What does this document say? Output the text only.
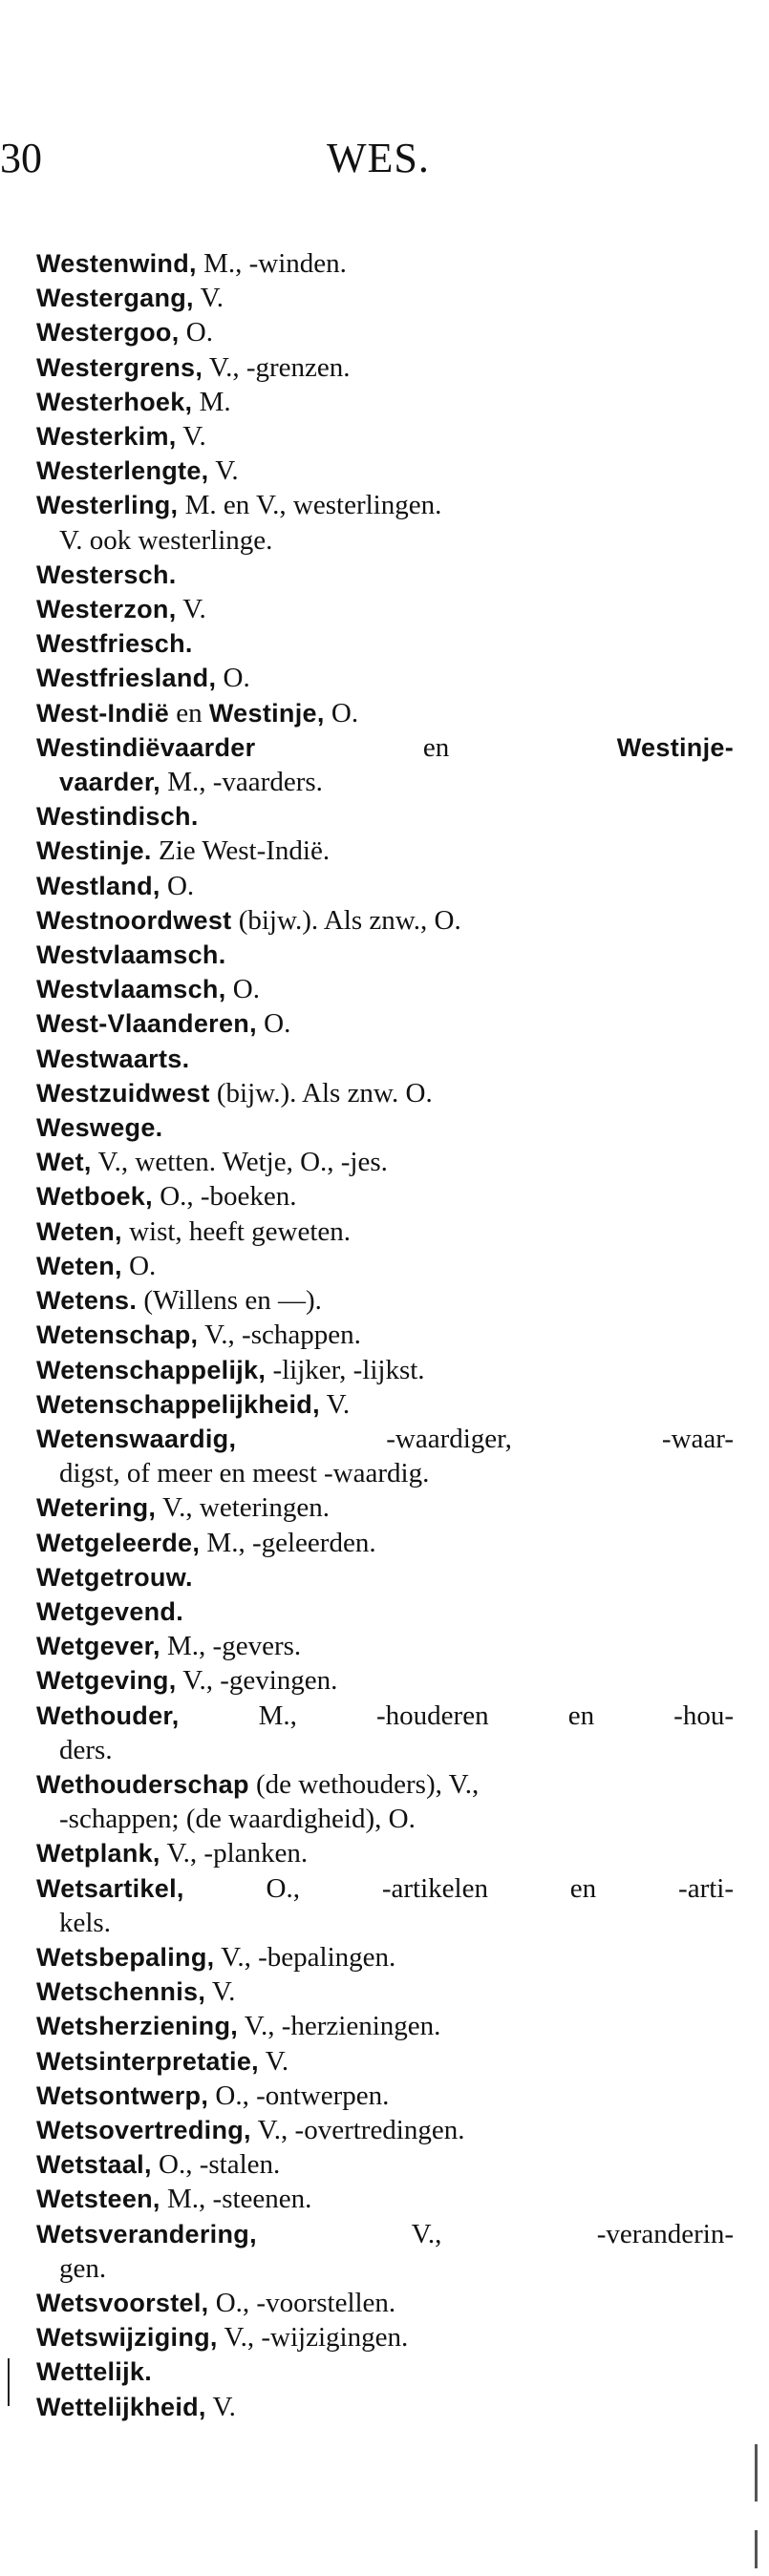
30	WES.
Westenwind, M., -winden.
Westergang, V.
Westergoo, O.
Westergrens, V., -grenzen.
Westerhoek, M.
Westerkim, V.
Westerlengte, V.
Westerling, M. en V., westerlingen.
V. ook westerlinge.
Westersch.
Westerzon, V.
Westfriesch.
Westfriesland, O.
West-Indië en Westinje, O.
Westindiëvaarder en Westinje-
vaarder, M., -vaarders.
Westindisch.
Westinje. Zie West-Indië.
Westland, O.
Westnoordwest (bijw.). Als znw., O.
Westvlaamsch.
Westvlaamsch, O.
West-Vlaanderen, O.
Westwaarts.
Westzuidwest (bijw.). Als znw. O.
Weswege.
Wet, V., wetten. Wetje, O., -jes.
Wetboek, O., -boeken.
Weten, wist, heeft geweten.
Weten, O.
Wetens. (Willens en —).
Wetenschap, V., -schappen.
Wetenschappelijk, -lijker, -lijkst.
Wetenschappelijkheid, V.
Wetenswaardig, -waardiger, -waar-
digst, of meer en meest -waardig.
Wetering, V., weteringen.
Wetgeleerde, M., -geleerden.
Wetgetrouw.
Wetgevend.
Wetgever, M., -gevers.
Wetgeving, V., -gevingen.
Wethouder, M., -houderen en -hou-
ders.
Wethouderschap (de wethouders), V.,
-schappen; (de waardigheid), O.
Wetplank, V., -planken.
Wetsartikel, O., -artikelen en -arti-
kels.
Wetsbepaling, V., -bepalingen.
Wetschennis, V.
Wetsherziening, V., -herzieningen.
Wetsinterpretatie, V.
Wetsontwerp, O., -ontwerpen.
Wetsovertreding, V., -overtredingen.
Wetstaal, O., -stalen.
Wetsteen, M., -steenen.
Wetsverandering, V., -veranderin-
gen.
Wetsvoorstel, O., -voorstellen.
Wetswijziging, V., -wijzigingen.
Wettelijk.
Wettelijkheid, V.
